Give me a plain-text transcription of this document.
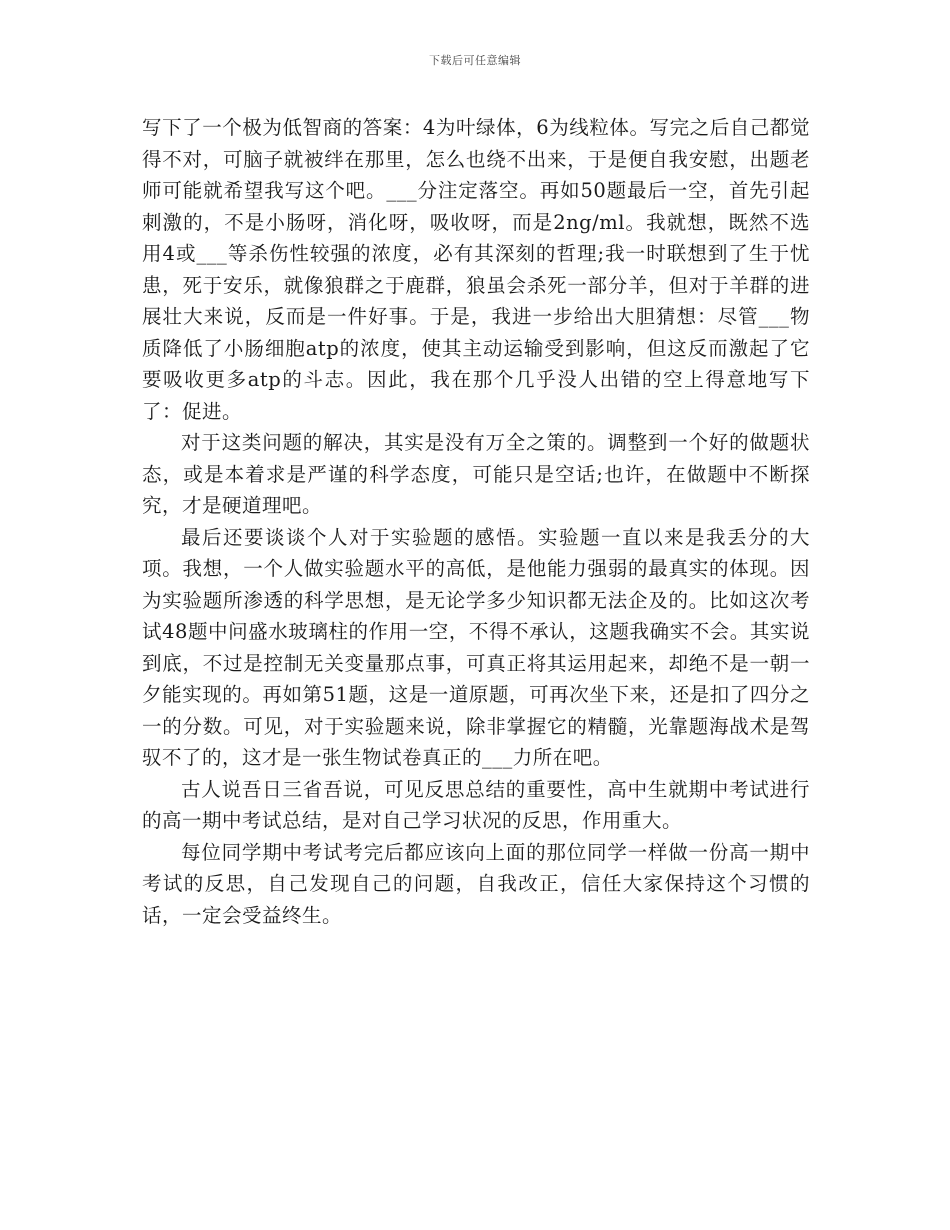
下载后可任意编辑

写下了一个极为低智商的答案：4为叶绿体，6为线粒体。写完之后自己都觉得不对，可脑子就被绊在那里，怎么也绕不出来，于是便自我安慰，出题老师可能就希望我写这个吧。___分注定落空。再如50题最后一空，首先引起刺激的，不是小肠呀，消化呀，吸收呀，而是2ng/ml。我就想，既然不选用4或___等杀伤性较强的浓度，必有其深刻的哲理;我一时联想到了生于忧患，死于安乐，就像狼群之于鹿群，狼虽会杀死一部分羊，但对于羊群的进展壮大来说，反而是一件好事。于是，我进一步给出大胆猜想：尽管___物质降低了小肠细胞atp的浓度，使其主动运输受到影响，但这反而激起了它要吸收更多atp的斗志。因此，我在那个几乎没人出错的空上得意地写下了：促进。

对于这类问题的解决，其实是没有万全之策的。调整到一个好的做题状态，或是本着求是严谨的科学态度，可能只是空话;也许，在做题中不断探究，才是硬道理吧。

最后还要谈谈个人对于实验题的感悟。实验题一直以来是我丢分的大项。我想，一个人做实验题水平的高低，是他能力强弱的最真实的体现。因为实验题所渗透的科学思想，是无论学多少知识都无法企及的。比如这次考试48题中问盛水玻璃柱的作用一空，不得不承认，这题我确实不会。其实说到底，不过是控制无关变量那点事，可真正将其运用起来，却绝不是一朝一夕能实现的。再如第51题，这是一道原题，可再次坐下来，还是扣了四分之一的分数。可见，对于实验题来说，除非掌握它的精髓，光靠题海战术是驾驭不了的，这才是一张生物试卷真正的___力所在吧。

古人说吾日三省吾说，可见反思总结的重要性，高中生就期中考试进行的高一期中考试总结，是对自己学习状况的反思，作用重大。

每位同学期中考试考完后都应该向上面的那位同学一样做一份高一期中考试的反思，自己发现自己的问题，自我改正，信任大家保持这个习惯的话，一定会受益终生。
